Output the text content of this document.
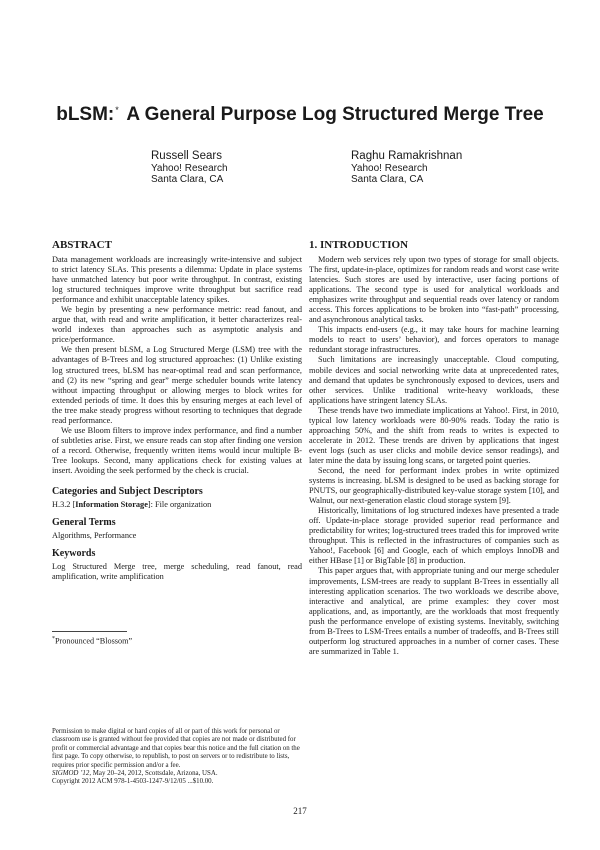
bLSM:* A General Purpose Log Structured Merge Tree
Russell Sears
Yahoo! Research
Santa Clara, CA
Raghu Ramakrishnan
Yahoo! Research
Santa Clara, CA
ABSTRACT

Data management workloads are increasingly write-intensive and subject to strict latency SLAs. This presents a dilemma: Update in place systems have unmatched latency but poor write throughput. In contrast, existing log structured techniques improve write throughput but sacrifice read performance and exhibit unacceptable latency spikes.

We begin by presenting a new performance metric: read fanout, and argue that, with read and write amplification, it better characterizes real-world indexes than approaches such as asymptotic analysis and price/performance.

We then present bLSM, a Log Structured Merge (LSM) tree with the advantages of B-Trees and log structured approaches: (1) Unlike existing log structured trees, bLSM has near-optimal read and scan performance, and (2) its new “spring and gear” merge scheduler bounds write latency without impacting throughput or allowing merges to block writes for extended periods of time. It does this by ensuring merges at each level of the tree make steady progress without resorting to techniques that degrade read performance.

We use Bloom filters to improve index performance, and find a number of subtleties arise. First, we ensure reads can stop after finding one version of a record. Otherwise, frequently written items would incur multiple B-Tree lookups. Second, many applications check for existing values at insert. Avoiding the seek performed by the check is crucial.

Categories and Subject Descriptors

H.3.2 [Information Storage]: File organization

General Terms

Algorithms, Performance

Keywords

Log Structured Merge tree, merge scheduling, read fanout, read amplification, write amplification

*Pronounced “Blossom”

Permission to make digital or hard copies of all or part of this work for personal or classroom use is granted without fee provided that copies are not made or distributed for profit or commercial advantage and that copies bear this notice and the full citation on the first page. To copy otherwise, to republish, to post on servers or to redistribute to lists, requires prior specific permission and/or a fee.

SIGMOD ’12, May 20–24, 2012, Scottsdale, Arizona, USA.

Copyright 2012 ACM 978-1-4503-1247-9/12/05 ...$10.00.

1. INTRODUCTION

Modern web services rely upon two types of storage for small objects. The first, update-in-place, optimizes for random reads and worst case write latencies. Such stores are used by interactive, user facing portions of applications. The second type is used for analytical workloads and emphasizes write throughput and sequential reads over latency or random access. This forces applications to be broken into “fast-path” processing, and asynchronous analytical tasks.

This impacts end-users (e.g., it may take hours for machine learning models to react to users’ behavior), and forces operators to manage redundant storage infrastructures.

Such limitations are increasingly unacceptable. Cloud computing, mobile devices and social networking write data at unprecedented rates, and demand that updates be synchronously exposed to devices, users and other services. Unlike traditional write-heavy workloads, these applications have stringent latency SLAs.

These trends have two immediate implications at Yahoo!. First, in 2010, typical low latency workloads were 80-90% reads. Today the ratio is approaching 50%, and the shift from reads to writes is expected to accelerate in 2012. These trends are driven by applications that ingest event logs (such as user clicks and mobile device sensor readings), and later mine the data by issuing long scans, or targeted point queries.

Second, the need for performant index probes in write optimized systems is increasing. bLSM is designed to be used as backing storage for PNUTS, our geographically-distributed key-value storage system [10], and Walnut, our next-generation elastic cloud storage system [9].

Historically, limitations of log structured indexes have presented a trade off. Update-in-place storage provided superior read performance and predictability for writes; log-structured trees traded this for improved write throughput. This is reflected in the infrastructures of companies such as Yahoo!, Facebook [6] and Google, each of which employs InnoDB and either HBase [1] or BigTable [8] in production.

This paper argues that, with appropriate tuning and our merge scheduler improvements, LSM-trees are ready to supplant B-Trees in essentially all interesting application scenarios. The two workloads we describe above, interactive and analytical, are prime examples: they cover most applications, and, as importantly, are the workloads that most frequently push the performance envelope of existing systems. Inevitably, switching from B-Trees to LSM-Trees entails a number of tradeoffs, and B-Trees still outperform log structured approaches in a number of corner cases. These are summarized in Table 1.

217
